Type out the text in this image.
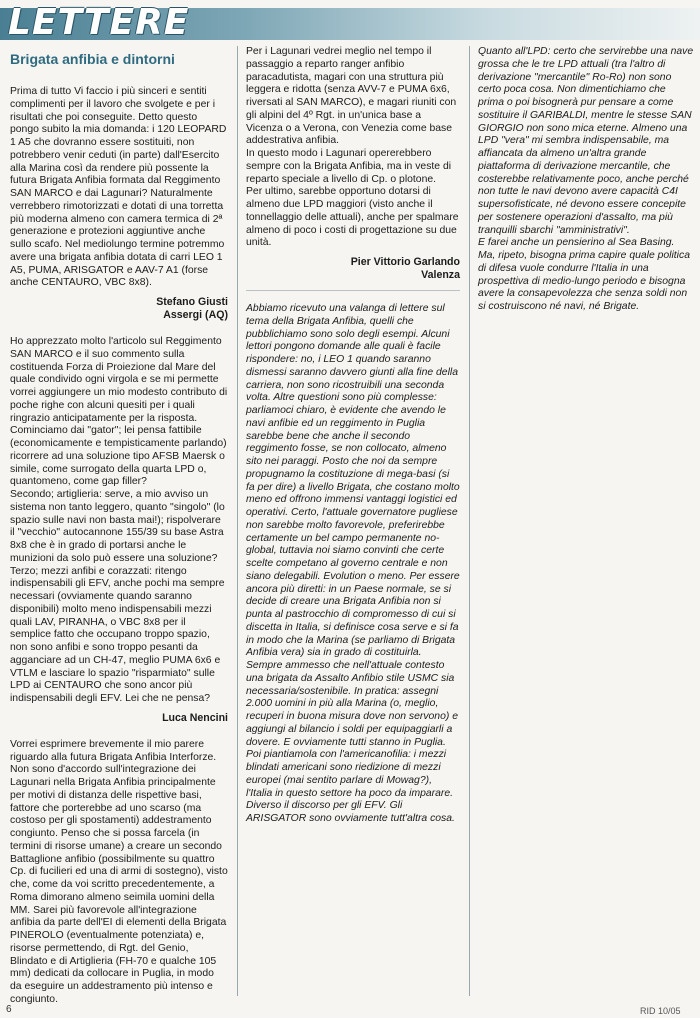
LETTERE
Brigata anfibia e dintorni

Prima di tutto Vi faccio i più sinceri e sentiti complimenti per il lavoro che svolgete e per i risultati che poi conseguite. Detto questo pongo subito la mia domanda: i 120 LEOPARD 1 A5 che dovranno essere sostituiti, non potrebbero venir ceduti (in parte) dall'Esercito alla Marina così da rendere più possente la futura Brigata Anfibia formata dal Reggimento SAN MARCO e dai Lagunari? Naturalmente verrebbero rimotorizzati e dotati di una torretta più moderna almeno con camera termica di 2ª generazione e protezioni aggiuntive anche sullo scafo. Nel mediolungo termine potremmo avere una brigata anfibia dotata di carri LEO 1 A5, PUMA, ARISGATOR e AAV-7 A1 (forse anche CENTAURO, VBC 8x8).

Stefano Giusti
Assergi (AQ)

Ho apprezzato molto l'articolo sul Reggimento SAN MARCO e il suo commento sulla costituenda Forza di Proiezione dal Mare del quale condivido ogni virgola e se mi permette vorrei aggiungere un mio modesto contributo di poche righe con alcuni quesiti per i quali ringrazio anticipatamente per la risposta.

Cominciamo dai "gator"; lei pensa fattibile (economicamente e tempisticamente parlando) ricorrere ad una soluzione tipo AFSB Maersk o simile, come surrogato della quarta LPD o, quantomeno, come gap filler?

Secondo; artiglieria: serve, a mio avviso un sistema non tanto leggero, quanto "singolo" (lo spazio sulle navi non basta mai!); rispolverare il "vecchio" autocannone 155/39 su base Astra 8x8 che è in grado di portarsi anche le munizioni da solo può essere una soluzione?

Terzo; mezzi anfibi e corazzati: ritengo indispensabili gli EFV, anche pochi ma sempre necessari (ovviamente quando saranno disponibili) molto meno indispensabili mezzi quali LAV, PIRANHA, o VBC 8x8 per il semplice fatto che occupano troppo spazio, non sono anfibi e sono troppo pesanti da agganciare ad un CH-47, meglio PUMA 6x6 e VTLM e lasciare lo spazio "risparmiato" sulle LPD ai CENTAURO che sono ancor più indispensabili degli EFV. Lei che ne pensa?

Luca Nencini

Vorrei esprimere brevemente il mio parere riguardo alla futura Brigata Anfibia Interforze. Non sono d'accordo sull'integrazione dei Lagunari nella Brigata Anfibia principalmente per motivi di distanza delle rispettive basi, fattore che porterebbe ad uno scarso (ma costoso per gli spostamenti) addestramento congiunto. Penso che si possa farcela (in termini di risorse umane) a creare un secondo Battaglione anfibio (possibilmente su quattro Cp. di fucilieri ed una di armi di sostegno), visto che, come da voi scritto precedentemente, a Roma dimorano almeno seimila uomini della MM. Sarei più favorevole all'integrazione anfibia da parte dell'EI di elementi della Brigata PINEROLO (eventualmente potenziata) e, risorse permettendo, di Rgt. del Genio, Blindato e di Artiglieria (FH-70 e qualche 105 mm) dedicati da collocare in Puglia, in modo da eseguire un addestramento più intenso e congiunto.

Per i Lagunari vedrei meglio nel tempo il passaggio a reparto ranger anfibio paracadutista, magari con una struttura più leggera e ridotta (senza AVV-7 e PUMA 6x6, riversati al SAN MARCO), e magari riuniti con gli alpini del 4º Rgt. in un'unica base a Vicenza o a Verona, con Venezia come base addestrativa anfibia.

In questo modo i Lagunari opererebbero sempre con la Brigata Anfibia, ma in veste di reparto speciale a livello di Cp. o plotone.

Per ultimo, sarebbe opportuno dotarsi di almeno due LPD maggiori (visto anche il tonnellaggio delle attuali), anche per spalmare almeno di poco i costi di progettazione su due unità.

Pier Vittorio Garlando
Valenza

Abbiamo ricevuto una valanga di lettere sul tema della Brigata Anfibia, quelli che pubblichiamo sono solo degli esempi. Alcuni lettori pongono domande alle quali è facile rispondere: no, i LEO 1 quando saranno dismessi saranno davvero giunti alla fine della carriera, non sono ricostruibili una seconda volta. Altre questioni sono più complesse: parliamoci chiaro, è evidente che avendo le navi anfibie ed un reggimento in Puglia sarebbe bene che anche il secondo reggimento fosse, se non collocato, almeno sito nei paraggi. Posto che noi da sempre propugnamo la costituzione di mega-basi (si fa per dire) a livello Brigata, che costano molto meno ed offrono immensi vantaggi logistici ed operativi. Certo, l'attuale governatore pugliese non sarebbe molto favorevole, preferirebbe certamente un bel campo permanente no-global, tuttavia noi siamo convinti che certe scelte competano al governo centrale e non siano delegabili. Evolution o meno. Per essere ancora più diretti: in un Paese normale, se si decide di creare una Brigata Anfibia non si punta al pastrocchio di compromesso di cui si discetta in Italia, si definisce cosa serve e si fa in modo che la Marina (se parliamo di Brigata Anfibia vera) sia in grado di costituirla. Sempre ammesso che nell'attuale contesto una brigata da Assalto Anfibio stile USMC sia necessaria/sostenibile. In pratica: assegni 2.000 uomini in più alla Marina (o, meglio, recuperi in buona misura dove non servono) e aggiungi al bilancio i soldi per equipaggiarli a dovere. E ovviamente tutti stanno in Puglia. Poi piantiamola con l'americanofilia: i mezzi blindati americani sono riedizione di mezzi europei (mai sentito parlare di Mowag?), l'Italia in questo settore ha poco da imparare. Diverso il discorso per gli EFV. Gli ARISGATOR sono ovviamente tutt'altra cosa.

Quanto all'LPD: certo che servirebbe una nave grossa che le tre LPD attuali (tra l'altro di derivazione "mercantile" Ro-Ro) non sono certo poca cosa. Non dimentichiamo che prima o poi bisognerà pur pensare a come sostituire il GARIBALDI, mentre le stesse SAN GIORGIO non sono mica eterne. Almeno una LPD "vera" mi sembra indispensabile, ma affiancata da almeno un'altra grande piattaforma di derivazione mercantile, che costerebbe relativamente poco, anche perché non tutte le navi devono avere capacità C4I supersofisticate, né devono essere concepite per sostenere operazioni d'assalto, ma più tranquilli sbarchi "amministrativi".

E farei anche un pensierino al Sea Basing. Ma, ripeto, bisogna prima capire quale politica di difesa vuole condurre l'Italia in una prospettiva di medio-lungo periodo e bisogna avere la consapevolezza che senza soldi non si costruiscono né navi, né Brigate.

6	RID 10/05
